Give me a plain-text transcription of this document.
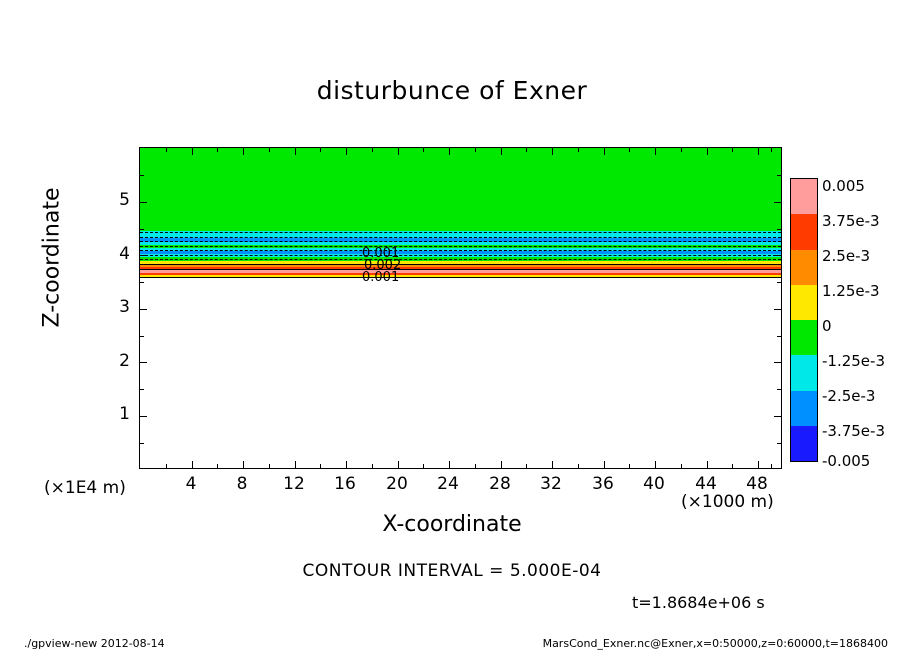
disturbunce of Exner
0.001
0.002
0.001
4	8	12	16	20	24	28	32	36	40	44	48
1
2
3
4
5
Z-coordinate
X-coordinate
(×1E4 m)
(×1000 m)
CONTOUR INTERVAL = 5.000E-04
t=1.8684e+06 s
0.005
3.75e-3
2.5e-3
1.25e-3
0
-1.25e-3
-2.5e-3
-3.75e-3
-0.005
./gpview-new 2012-08-14	MarsCond_Exner.nc@Exner,x=0:50000,z=0:60000,t=1868400
